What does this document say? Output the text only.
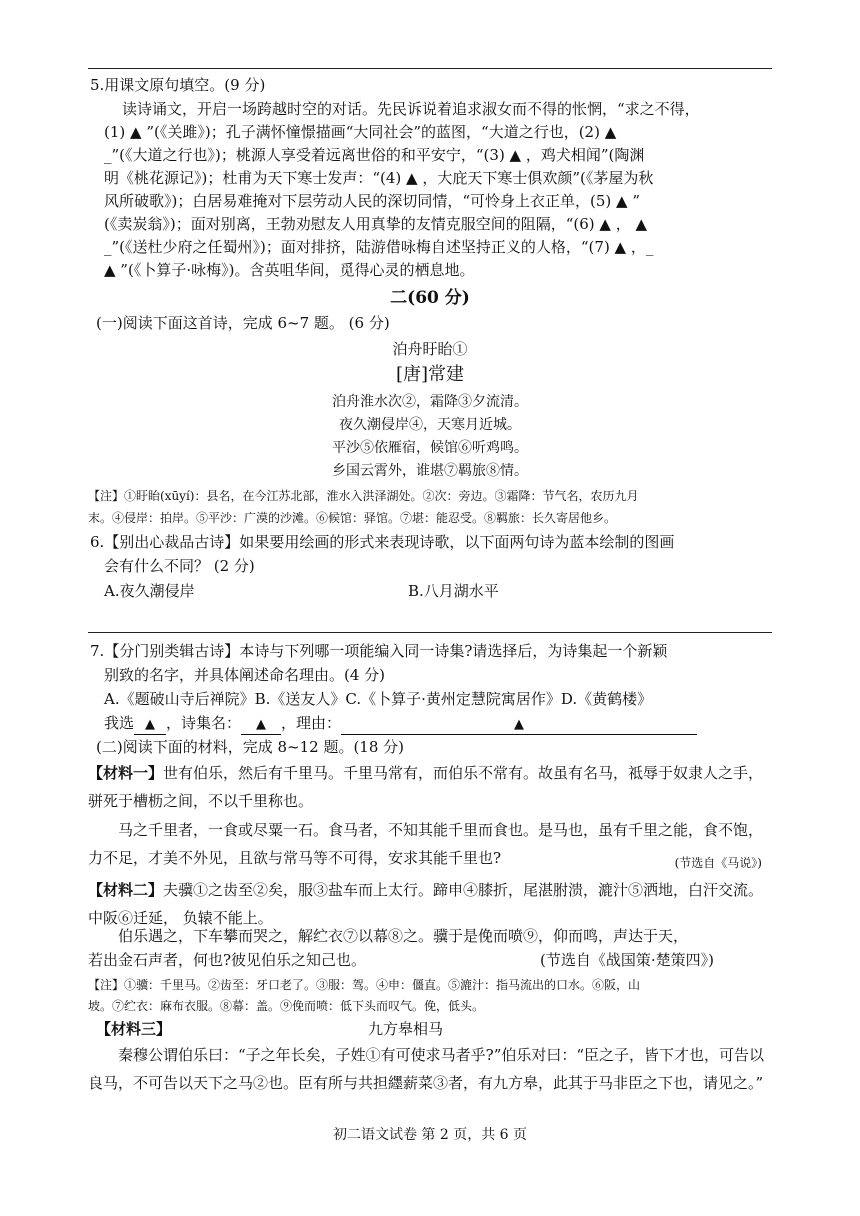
5.用课文原句填空。(9 分)
读诗诵文，开启一场跨越时空的对话。先民诉说着追求淑女而不得的怅惘，“求之不得，
(1) ▲ ”(《关雎》)；孔子满怀憧憬描画“大同社会”的蓝图，“大道之行也，(2) ▲
_”(《大道之行也》)；桃源人享受着远离世俗的和平安宁，“(3) ▲ ，鸡犬相闻”(陶渊
明《桃花源记》)；杜甫为天下寒士发声：“(4) ▲ ，大庇天下寒士俱欢颜”(《茅屋为秋
风所破歌》)；白居易难掩对下层劳动人民的深切同情，“可怜身上衣正单，(5) ▲ ”
(《卖炭翁》)；面对别离，王勃劝慰友人用真挚的友情克服空间的阻隔，“(6) ▲ ， ▲
_”(《送杜少府之任蜀州》)；面对排挤，陆游借咏梅自述坚持正义的人格，“(7) ▲ ，_
▲ ”(《卜算子·咏梅》)。含英咀华间，觅得心灵的栖息地。
二(60 分)
(一)阅读下面这首诗，完成 6~7 题。 (6 分)
泊舟盱眙①
[唐]常建
泊舟淮水次②，霜降③夕流清。
夜久潮侵岸④，天寒月近城。
平沙⑤依雁宿，候馆⑥听鸡鸣。
乡国云霄外，谁堪⑦羁旅⑧情。
【注】①盱眙(xūyí)：县名，在今江苏北部，淮水入洪泽湖处。②次：旁边。③霜降：节气名，农历九月
末。④侵岸：拍岸。⑤平沙：广漠的沙滩。⑥候馆：驿馆。⑦堪：能忍受。⑧羁旅：长久寄居他乡。
6.【别出心裁品古诗】如果要用绘画的形式来表现诗歌，以下面两句诗为蓝本绘制的图画
会有什么不同？ (2 分)
A.夜久潮侵岸	B.八月湖水平
7.【分门别类辑古诗】本诗与下列哪一项能编入同一诗集?请选择后，为诗集起一个新颖
别致的名字，并具体阐述命名理由。(4 分)
A.《题破山寺后禅院》B.《送友人》C.《卜算子·黄州定慧院寓居作》D.《黄鹤楼》
我选 ▲ ，诗集名： ▲ ，理由：	▲
(二)阅读下面的材料，完成 8~12 题。(18 分)
【材料一】世有伯乐，然后有千里马。千里马常有，而伯乐不常有。故虽有名马，祗辱于奴隶人之手，骈死于槽枥之间，不以千里称也。
马之千里者，一食或尽粟一石。食马者，不知其能千里而食也。是马也，虽有千里之能，食不饱，力不足，才美不外见，且欲与常马等不可得，安求其能千里也?	(节选自《马说》)
【材料二】夫骥①之齿至②矣，服③盐车而上太行。蹄申④膝折，尾湛胕溃，漉汁⑤洒地，白汗交流。中阪⑥迁延， 负辕不能上。
伯乐遇之，下车攀而哭之，解纻衣⑦以幕⑧之。骥于是俛而喷⑨，仰而鸣，声达于天，
若出金石声者，何也?彼见伯乐之知己也。	(节选自《战国策·楚策四》)
【注】①骥：千里马。②齿至：牙口老了。③服：驾。④申：僵直。⑤漉汁：指马流出的口水。⑥阪，山
坡。⑦纻衣：麻布衣服。⑧幕：盖。⑨俛而喷：低下头而叹气。俛，低头。
【材料三】	九方皋相马
秦穆公谓伯乐曰：“子之年长矣，子姓①有可使求马者乎?”伯乐对曰：“臣之子，皆下才也，可告以良马，不可告以天下之马②也。臣有所与共担纆薪菜③者，有九方皋，此其于马非臣之下也，请见之。”
初二语文试卷 第 2 页，共 6 页
